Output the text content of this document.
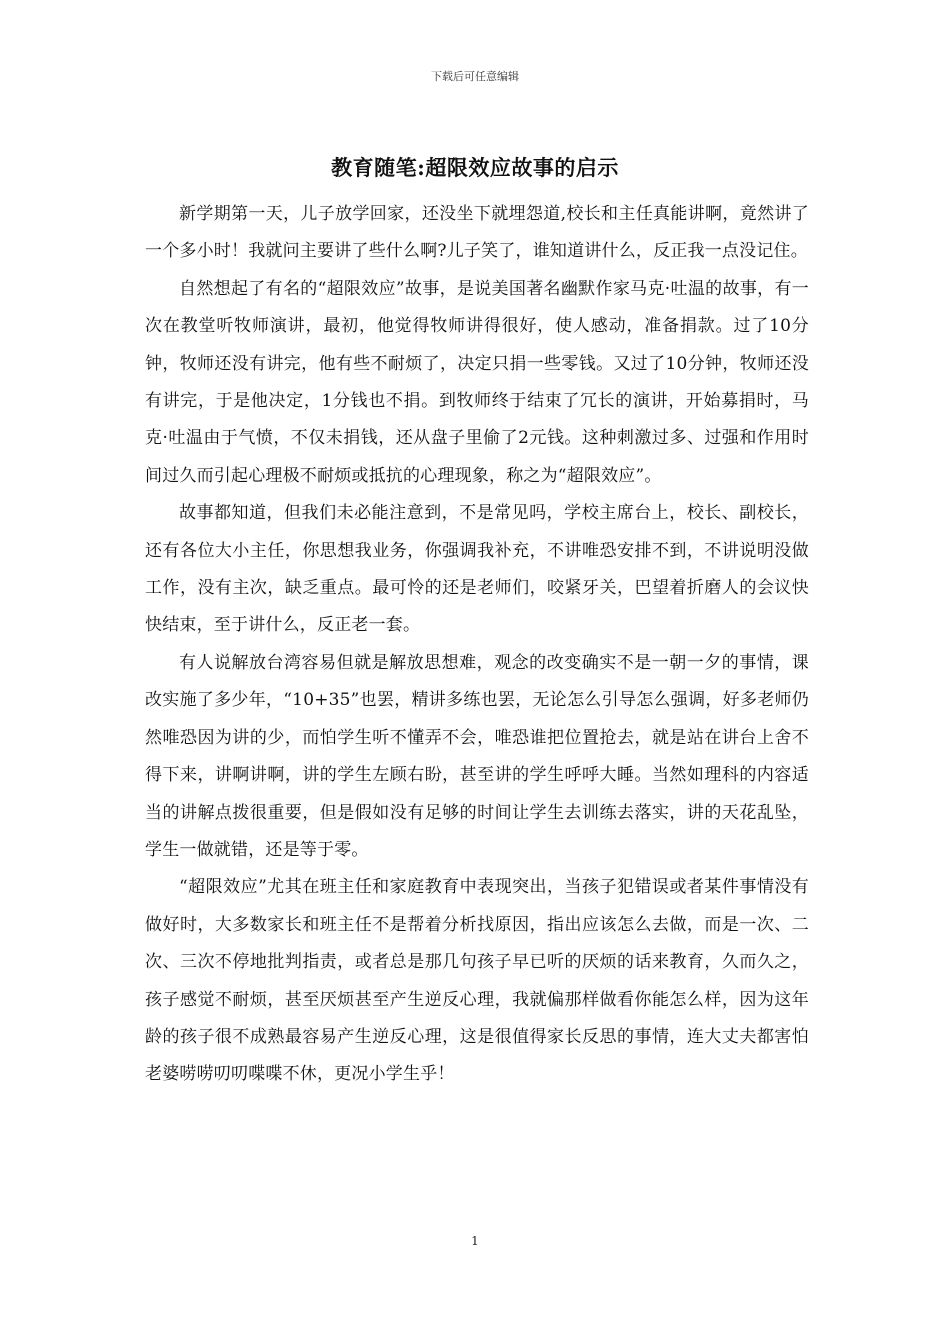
下载后可任意编辑
教育随笔:超限效应故事的启示

新学期第一天，儿子放学回家，还没坐下就埋怨道,校长和主任真能讲啊，竟然讲了一个多小时！我就问主要讲了些什么啊?儿子笑了，谁知道讲什么，反正我一点没记住。

自然想起了有名的“超限效应”故事，是说美国著名幽默作家马克·吐温的故事，有一次在教堂听牧师演讲，最初，他觉得牧师讲得很好，使人感动，准备捐款。过了10分钟，牧师还没有讲完，他有些不耐烦了，决定只捐一些零钱。又过了10分钟，牧师还没有讲完，于是他决定，1分钱也不捐。到牧师终于结束了冗长的演讲，开始募捐时，马克·吐温由于气愤，不仅未捐钱，还从盘子里偷了2元钱。这种刺激过多、过强和作用时间过久而引起心理极不耐烦或抵抗的心理现象，称之为“超限效应”。

故事都知道，但我们未必能注意到，不是常见吗，学校主席台上，校长、副校长，还有各位大小主任，你思想我业务，你强调我补充，不讲唯恐安排不到，不讲说明没做工作，没有主次，缺乏重点。最可怜的还是老师们，咬紧牙关，巴望着折磨人的会议快快结束，至于讲什么，反正老一套。

有人说解放台湾容易但就是解放思想难，观念的改变确实不是一朝一夕的事情，课改实施了多少年，“10+35”也罢，精讲多练也罢，无论怎么引导怎么强调，好多老师仍然唯恐因为讲的少，而怕学生听不懂弄不会，唯恐谁把位置抢去，就是站在讲台上舍不得下来，讲啊讲啊，讲的学生左顾右盼，甚至讲的学生呼呼大睡。当然如理科的内容适当的讲解点拨很重要，但是假如没有足够的时间让学生去训练去落实，讲的天花乱坠，学生一做就错，还是等于零。

“超限效应”尤其在班主任和家庭教育中表现突出，当孩子犯错误或者某件事情没有做好时，大多数家长和班主任不是帮着分析找原因，指出应该怎么去做，而是一次、二次、三次不停地批判指责，或者总是那几句孩子早已听的厌烦的话来教育，久而久之，孩子感觉不耐烦，甚至厌烦甚至产生逆反心理，我就偏那样做看你能怎么样，因为这年龄的孩子很不成熟最容易产生逆反心理，这是很值得家长反思的事情，连大丈夫都害怕老婆唠唠叨叨喋喋不休，更况小学生乎！

1
